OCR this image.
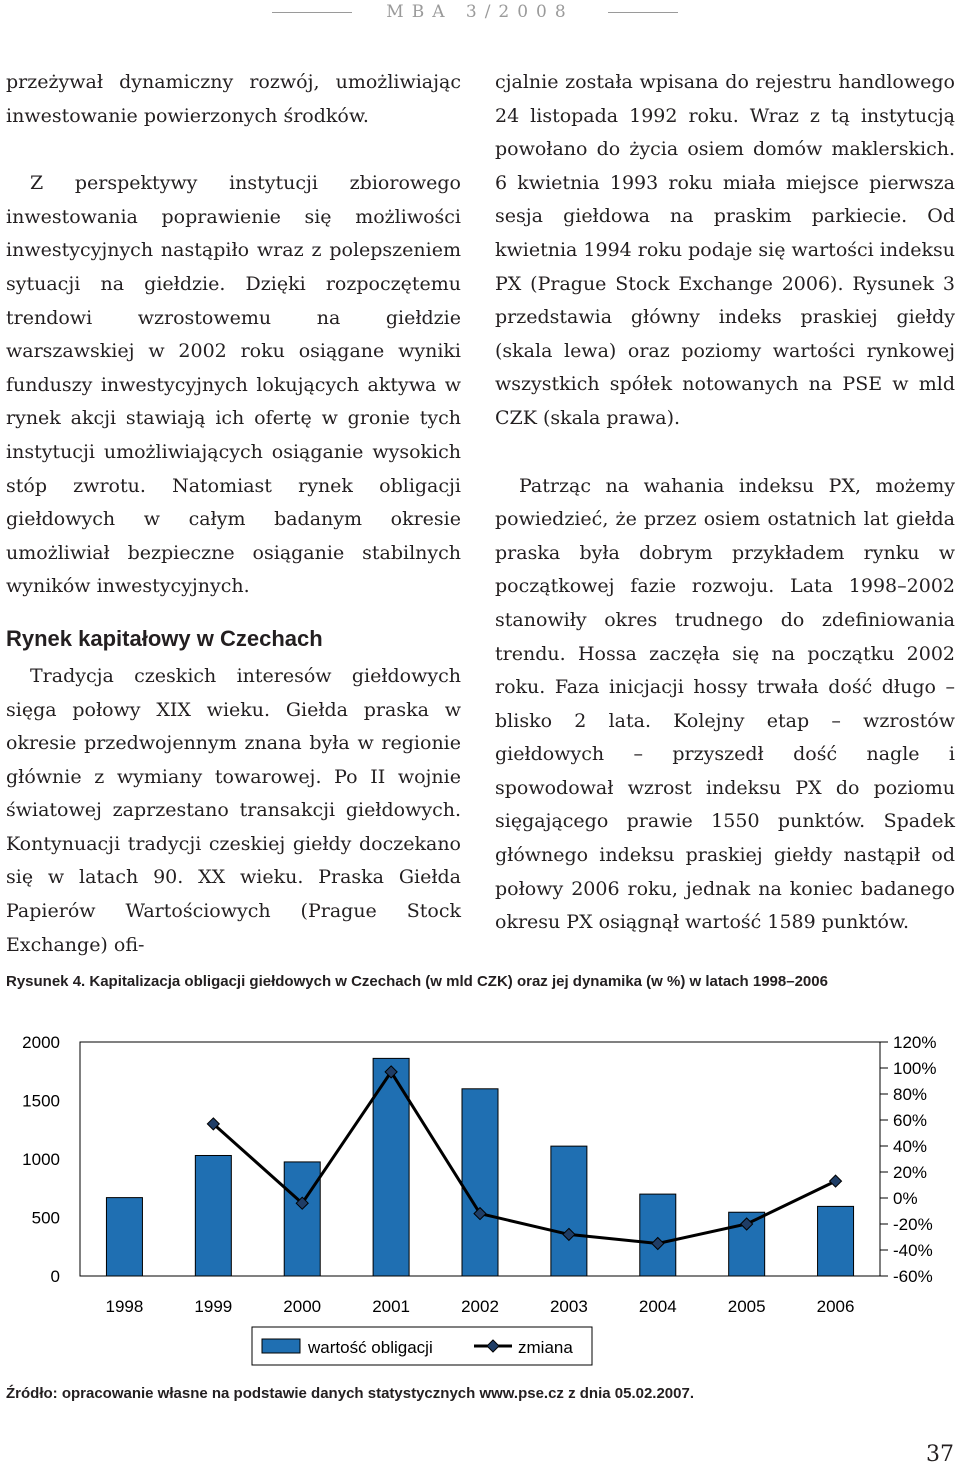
MBA 3/2008

przeżywał dynamiczny rozwój, umożliwiając inwestowanie powierzonych środków.

Z perspektywy instytucji zbiorowego inwestowania poprawienie się możliwości inwestycyjnych nastąpiło wraz z polepszeniem sytuacji na giełdzie. Dzięki rozpoczętemu trendowi wzrostowemu na giełdzie warszawskiej w 2002 roku osiągane wyniki funduszy inwestycyjnych lokujących aktywa w rynek akcji stawiają ich ofertę w gronie tych instytucji umożliwiających osiąganie wysokich stóp zwrotu. Natomiast rynek obligacji giełdowych w całym badanym okresie umożliwiał bezpieczne osiąganie stabilnych wyników inwestycyjnych.

Rynek kapitałowy w Czechach

Tradycja czeskich interesów giełdowych sięga połowy XIX wieku. Giełda praska w okresie przedwojennym znana była w regionie głównie z wymiany towarowej. Po II wojnie światowej zaprzestano transakcji giełdowych. Kontynuacji tradycji czeskiej giełdy doczekano się w latach 90. XX wieku. Praska Giełda Papierów Wartościowych (Prague Stock Exchange) ofi-

cjalnie została wpisana do rejestru handlowego 24 listopada 1992 roku. Wraz z tą instytucją powołano do życia osiem domów maklerskich. 6 kwietnia 1993 roku miała miejsce pierwsza sesja giełdowa na praskim parkiecie. Od kwietnia 1994 roku podaje się wartości indeksu PX (Prague Stock Exchange 2006). Rysunek 3 przedstawia główny indeks praskiej giełdy (skala lewa) oraz poziomy wartości rynkowej wszystkich spółek notowanych na PSE w mld CZK (skala prawa).

Patrząc na wahania indeksu PX, możemy powiedzieć, że przez osiem ostatnich lat giełda praska była dobrym przykładem rynku w początkowej fazie rozwoju. Lata 1998–2002 stanowiły okres trudnego do zdefiniowania trendu. Hossa zaczęła się na początku 2002 roku. Faza inicjacji hossy trwała dość długo – blisko 2 lata. Kolejny etap – wzrostów giełdowych – przyszedł dość nagle i spowodował wzrost indeksu PX do poziomu sięgającego prawie 1550 punktów. Spadek głównego indeksu praskiej giełdy nastąpił od połowy 2006 roku, jednak na koniec badanego okresu PX osiągnął wartość 1589 punktów.

Rysunek 4. Kapitalizacja obligacji giełdowych w Czechach (w mld CZK) oraz jej dynamika (w %) w latach 1998–2006
0
500
1000
1500
2000
-60%
-40%
-20%
0%
20%
40%
60%
80%
100%
120%
1998	1999	2000	2001	2002	2003	2004	2005	2006
wartość obligacji	zmiana
Źródło: opracowanie własne na podstawie danych statystycznych www.pse.cz z dnia 05.02.2007.
37
